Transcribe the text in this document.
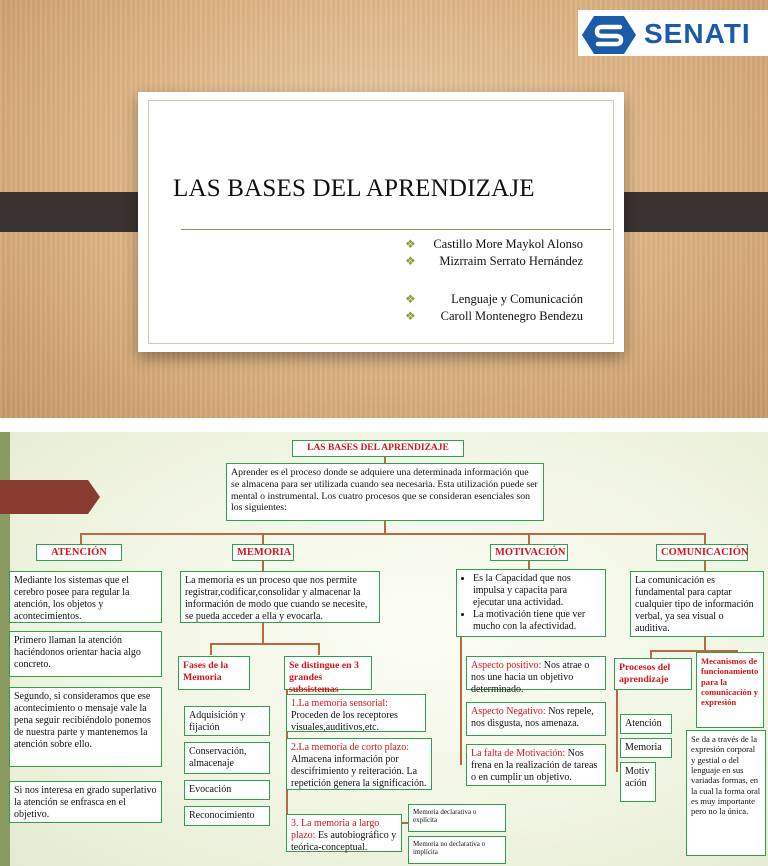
SENATI
LAS BASES DEL APRENDIZAJE
❖ Castillo More Maykol Alonso
❖ Mizrraim Serrato Hernández
❖	Lenguaje y Comunicación
❖ Caroll Montenegro Bendezu
LAS BASES DEL APRENDIZAJE
Aprender es el proceso donde se adquiere una determinada información que se almacena para ser utilizada cuando sea necesaria. Esta utilización puede ser mental o instrumental. Los cuatro procesos que se consideran esenciales son los siguientes:
ATENCIÓN	MEMORIA	MOTIVACIÓN	COMUNICACIÓN
Mediante los sistemas que el cerebro posee para regular la atención, los objetos y acontecimientos.
Primero llaman la atención haciéndonos orientar hacia algo concreto.
Segundo, si consideramos que ese acontecimiento o mensaje vale la pena seguir recibiéndolo ponemos de nuestra parte y mantenemos la atención sobre ello.
Si nos interesa en grado superlativo la atención se enfrasca en el objetivo.
La memoria es un proceso que nos permite registrar,codificar,consolidar y almacenar la información de modo que cuando se necesite, se pueda acceder a ella y evocarla.
Fases de la Memoria
Se distingue en 3 grandes subsistemas
Adquisición y fijación
Conservación, almacenaje
Evocación
Reconocimiento
1.La memoria sensorial: Proceden de los receptores visuales,auditivos,etc.
2.La memoria de corto plazo: Almacena información por descifrimiento y reiteración. La repetición genera la significación.
3. La memoria a largo plazo: Es autobiográfico y teórica-conceptual.
Memoria declarativa o explícita
Memoria no declarativa o implícita
• Es la Capacidad que nos impulsa y capacita para ejecutar una actividad.
• La motivación tiene que ver mucho con la afectividad.
Aspecto positivo: Nos atrae o nos une hacia un objetivo determinado.
Aspecto Negativo: Nos repele, nos disgusta, nos amenaza.
La falta de Motivación: Nos frena en la realización de tareas o en cumplir un objetivo.
La comunicación es fundamental para captar cualquier tipo de información verbal, ya sea visual o auditiva.
Procesos del aprendizaje
Atención
Memoria
Motivación
Mecanismos de funcionamiento para la comunicación y expresión
Se da a través de la expresión corporal y gestial o del lenguaje en sus variadas formas, en la cual la forma oral es muy importante pero no la única.
